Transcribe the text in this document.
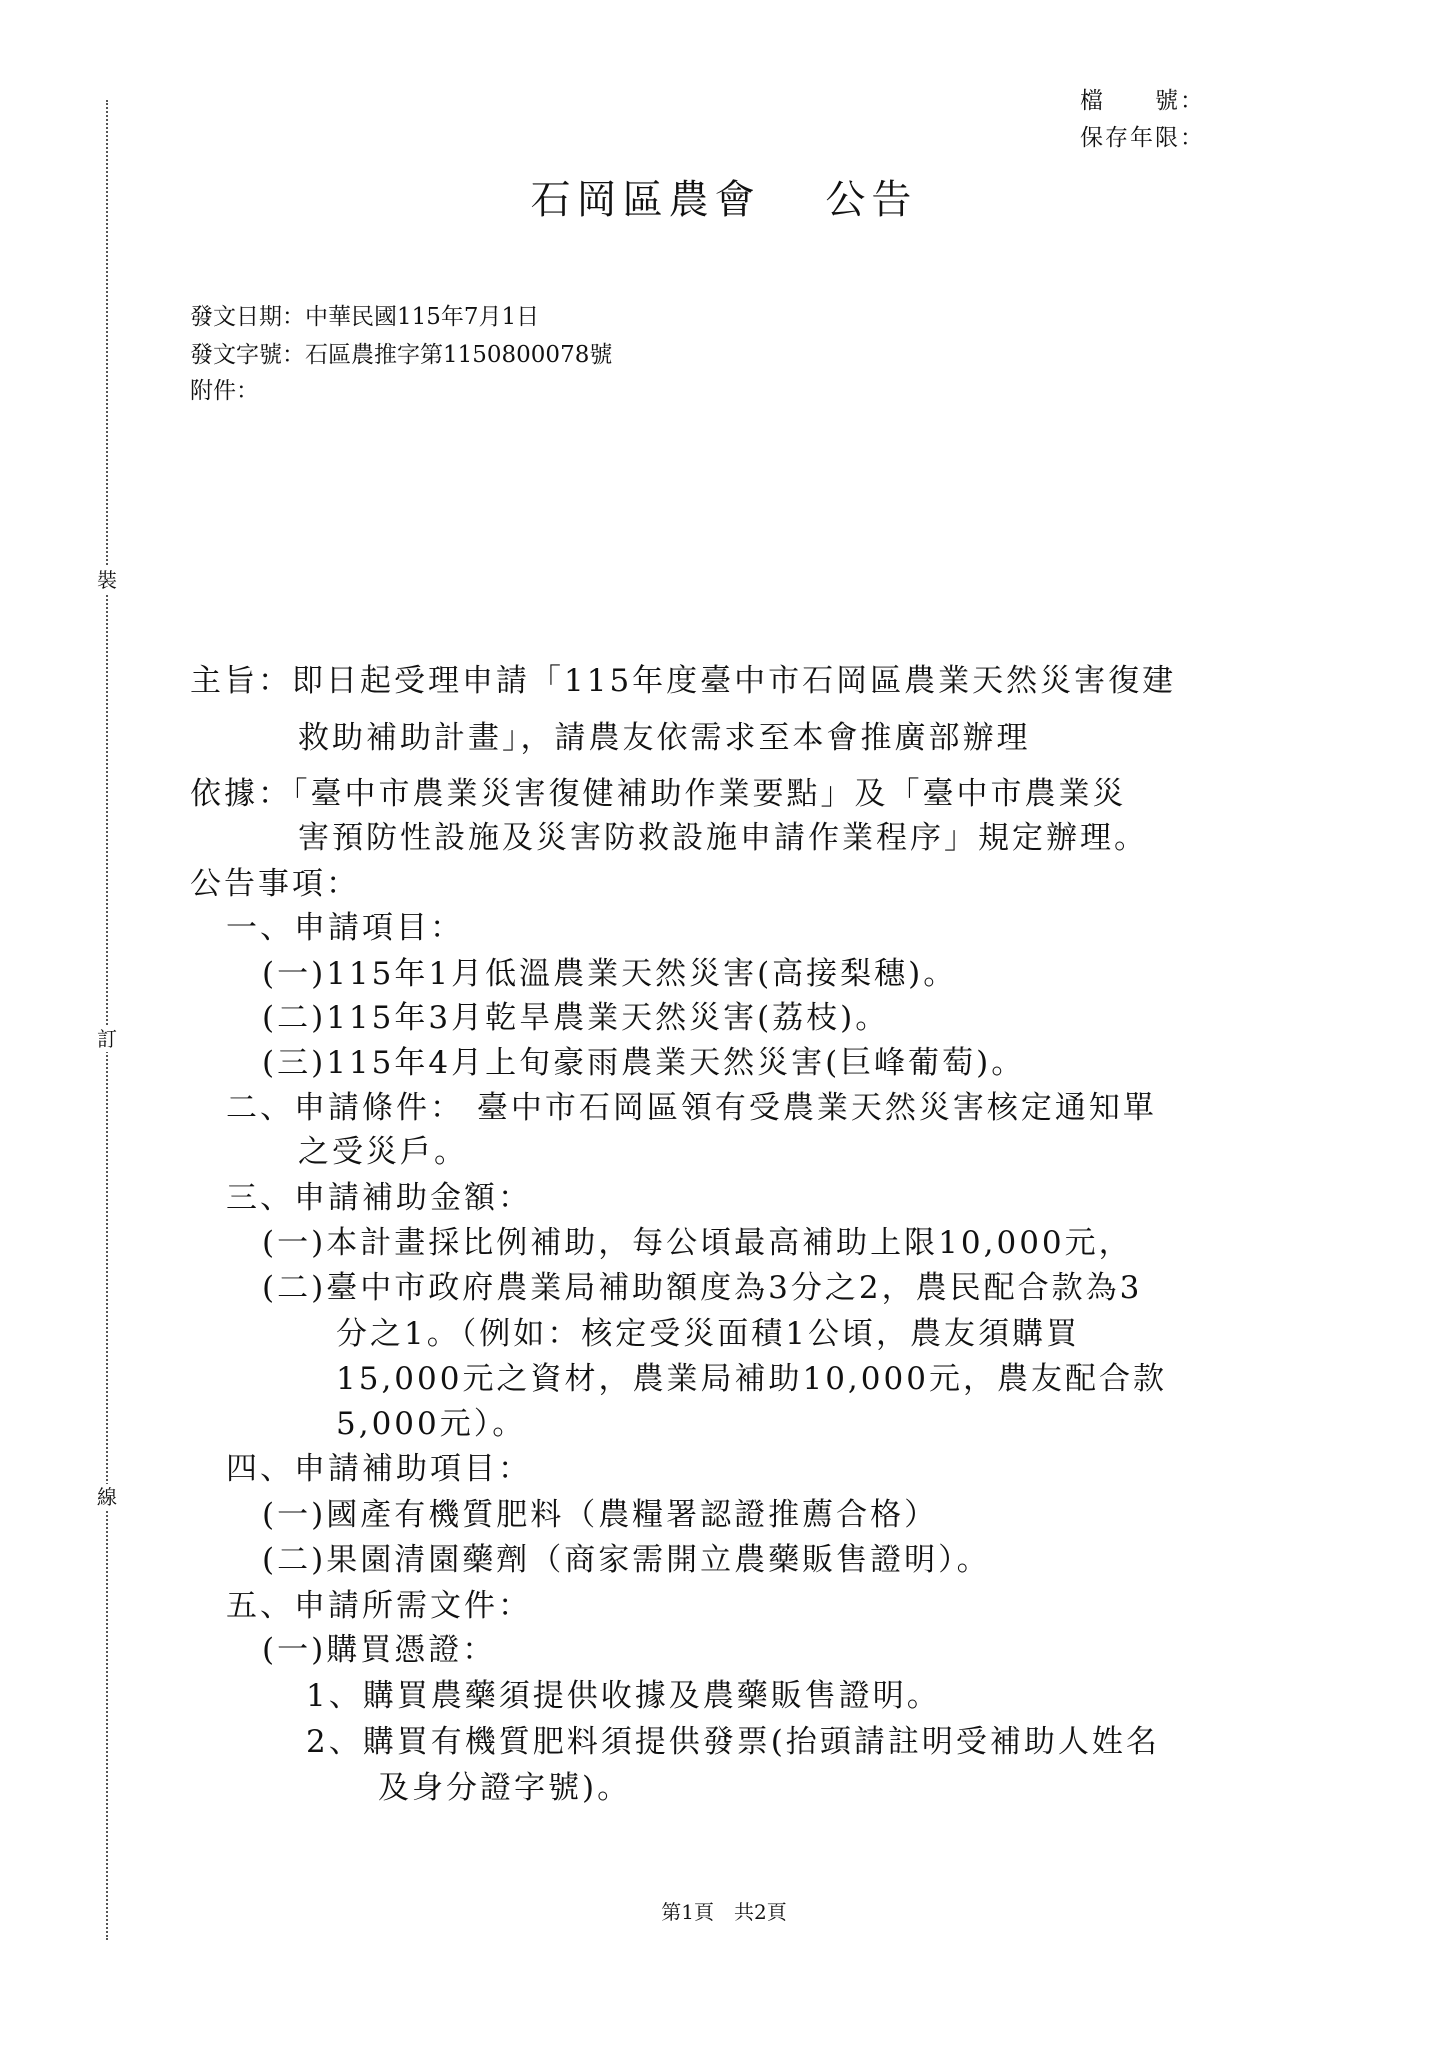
裝
訂
線
檔　　號：
保存年限：
石岡區農會　 公告
發文日期：中華民國115年7月1日
發文字號：石區農推字第1150800078號
附件：
主旨：即日起受理申請「115年度臺中市石岡區農業天然災害復建
救助補助計畫」，請農友依需求至本會推廣部辦理
依據：「臺中市農業災害復健補助作業要點」及「臺中市農業災
害預防性設施及災害防救設施申請作業程序」規定辦理。
公告事項：
一、申請項目：
(一)115年1月低溫農業天然災害(高接梨穗)。
(二)115年3月乾旱農業天然災害(荔枝)。
(三)115年4月上旬豪雨農業天然災害(巨峰葡萄)。
二、申請條件： 臺中市石岡區領有受農業天然災害核定通知單
之受災戶。
三、申請補助金額：
(一)本計畫採比例補助，每公頃最高補助上限10,000元，
(二)臺中市政府農業局補助額度為3分之2，農民配合款為3
分之1。（例如：核定受災面積1公頃，農友須購買
15,000元之資材，農業局補助10,000元，農友配合款
5,000元）。
四、申請補助項目：
(一)國產有機質肥料（農糧署認證推薦合格）
(二)果園清園藥劑（商家需開立農藥販售證明）。
五、申請所需文件：
(一)購買憑證：
1、購買農藥須提供收據及農藥販售證明。
2、購買有機質肥料須提供發票(抬頭請註明受補助人姓名
及身分證字號)。
第1頁　共2頁
